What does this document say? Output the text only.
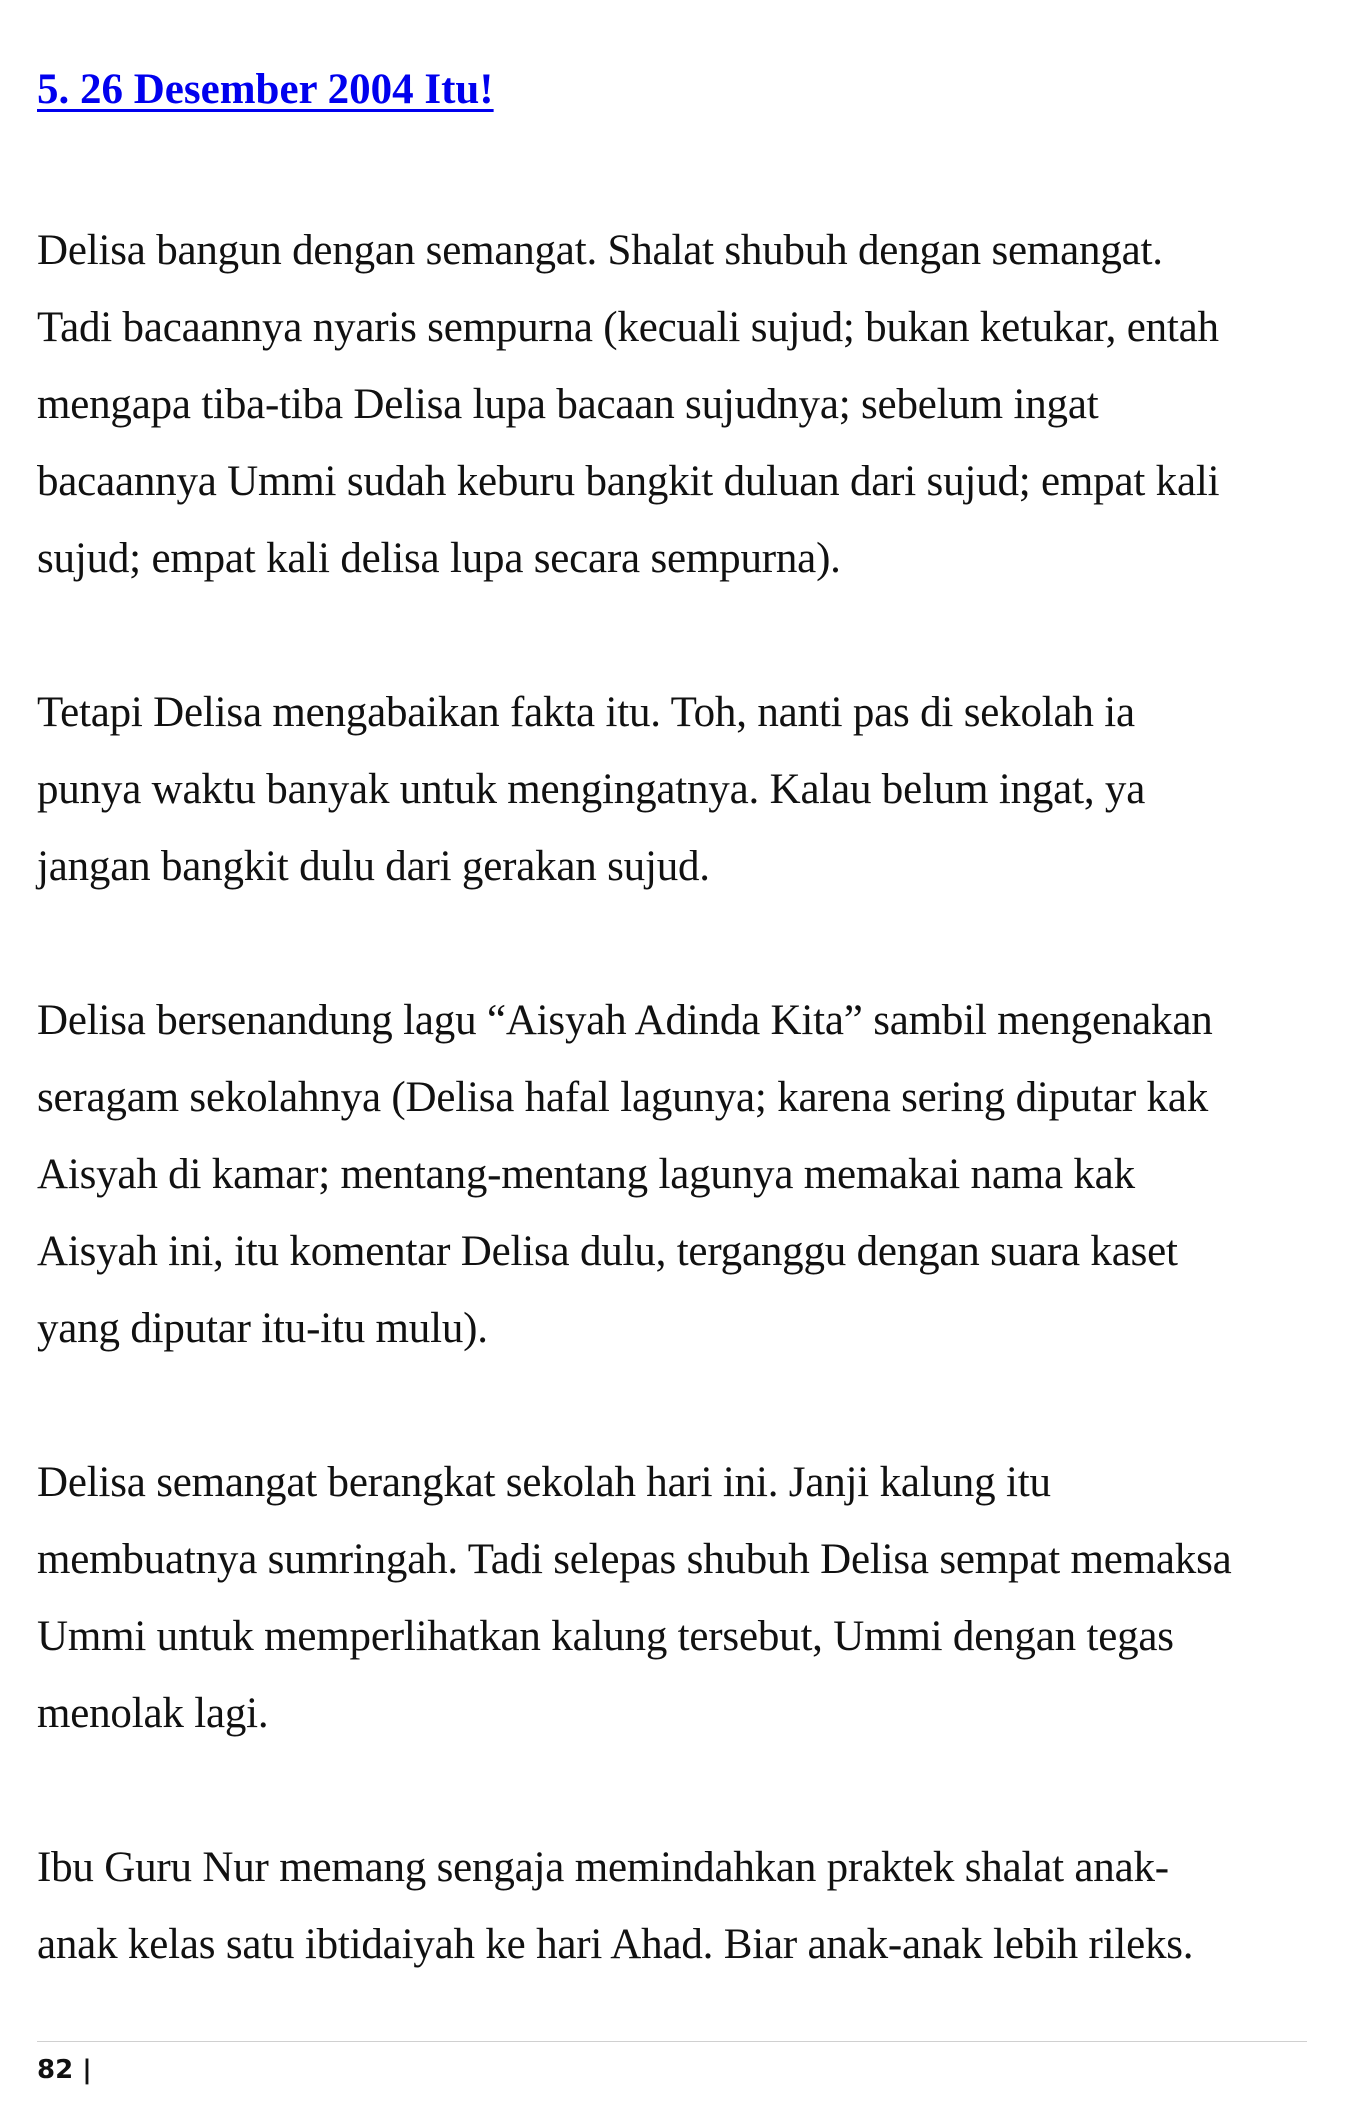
5. 26 Desember 2004 Itu!

Delisa bangun dengan semangat. Shalat shubuh dengan semangat.
Tadi bacaannya nyaris sempurna (kecuali sujud; bukan ketukar, entah
mengapa tiba-tiba Delisa lupa bacaan sujudnya; sebelum ingat
bacaannya Ummi sudah keburu bangkit duluan dari sujud; empat kali
sujud; empat kali delisa lupa secara sempurna).

Tetapi Delisa mengabaikan fakta itu. Toh, nanti pas di sekolah ia
punya waktu banyak untuk mengingatnya. Kalau belum ingat, ya
jangan bangkit dulu dari gerakan sujud.

Delisa bersenandung lagu “Aisyah Adinda Kita” sambil mengenakan
seragam sekolahnya (Delisa hafal lagunya; karena sering diputar kak
Aisyah di kamar; mentang-mentang lagunya memakai nama kak
Aisyah ini, itu komentar Delisa dulu, terganggu dengan suara kaset
yang diputar itu-itu mulu).

Delisa semangat berangkat sekolah hari ini. Janji kalung itu
membuatnya sumringah. Tadi selepas shubuh Delisa sempat memaksa
Ummi untuk memperlihatkan kalung tersebut, Ummi dengan tegas
menolak lagi.

Ibu Guru Nur memang sengaja memindahkan praktek shalat anak-
anak kelas satu ibtidaiyah ke hari Ahad. Biar anak-anak lebih rileks.

82 |
